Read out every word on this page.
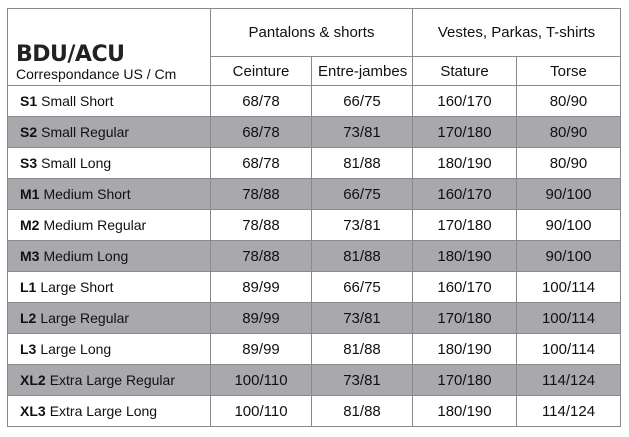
BDU/ACU
Correspondance US / Cm	Pantalons & shorts		Vestes, Parkas, T-shirts	
	Ceinture	Entre-jambes	Stature	Torse
S1 Small Short	68/78	66/75	160/170	80/90
S2 Small Regular	68/78	73/81	170/180	80/90
S3 Small Long	68/78	81/88	180/190	80/90
M1 Medium Short	78/88	66/75	160/170	90/100
M2 Medium Regular	78/88	73/81	170/180	90/100
M3 Medium Long	78/88	81/88	180/190	90/100
L1 Large Short	89/99	66/75	160/170	100/114
L2 Large Regular	89/99	73/81	170/180	100/114
L3 Large Long	89/99	81/88	180/190	100/114
XL2 Extra Large Regular	100/110	73/81	170/180	114/124
XL3 Extra Large Long	100/110	81/88	180/190	114/124
